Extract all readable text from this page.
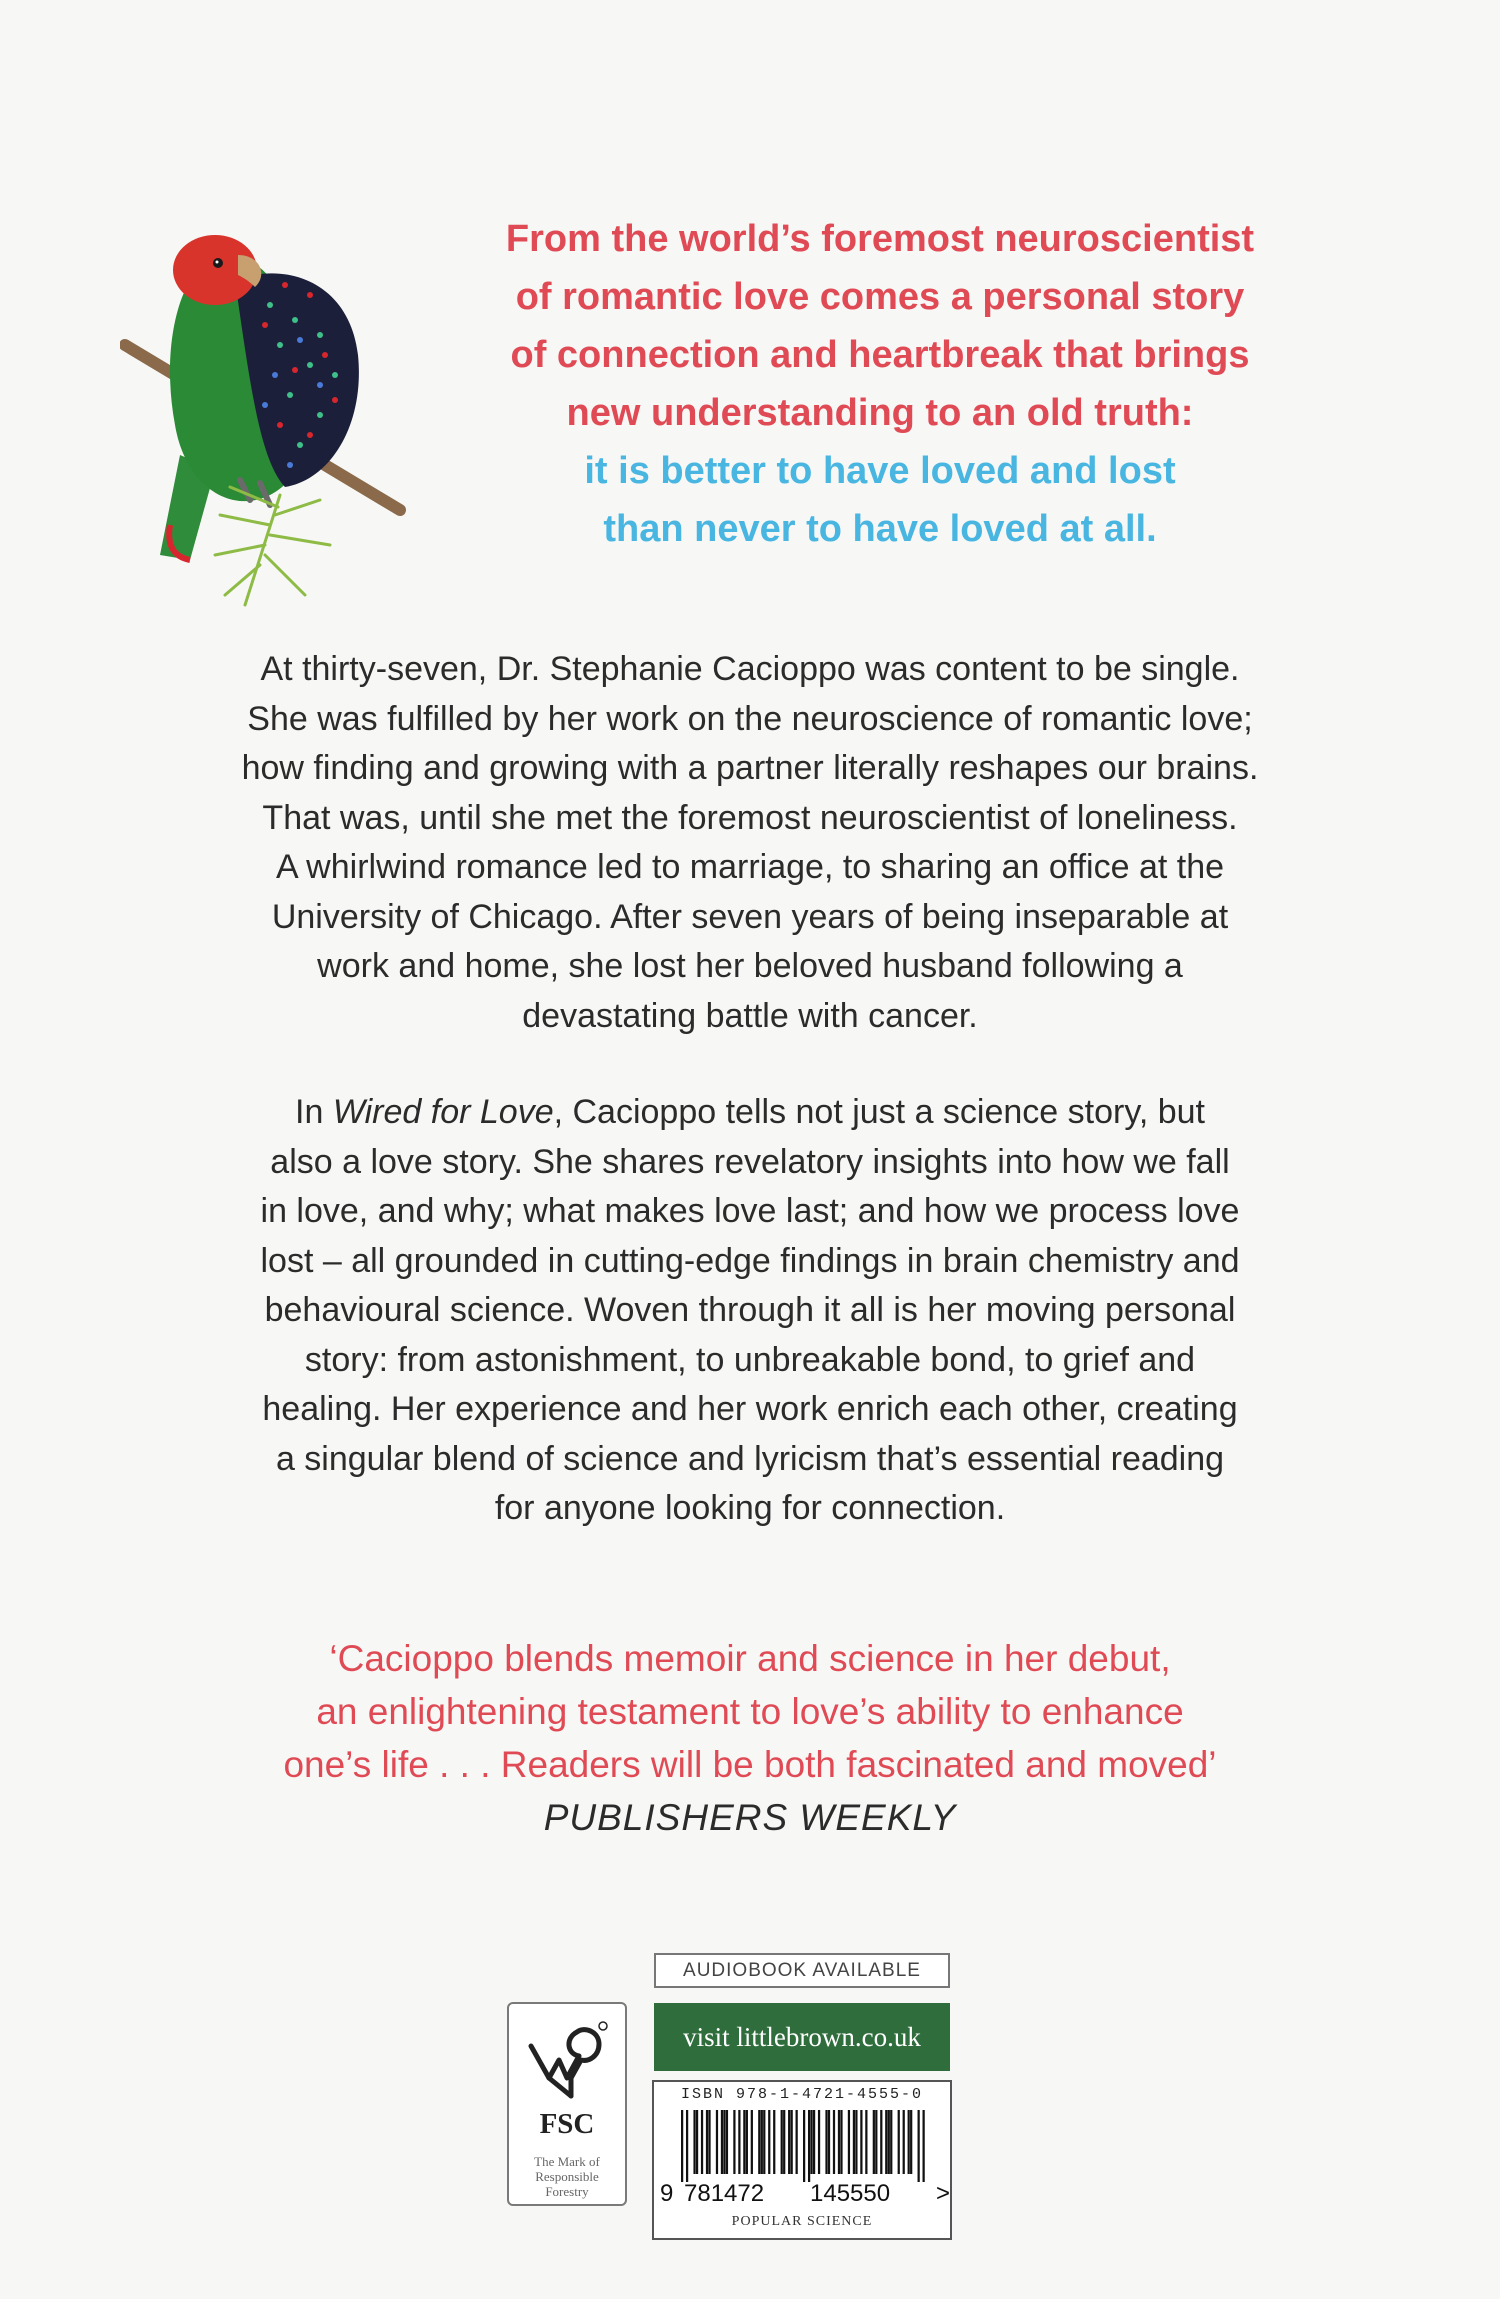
From the world’s foremost neuroscientist
of romantic love comes a personal story
of connection and heartbreak that brings
new understanding to an old truth:
it is better to have loved and lost
than never to have loved at all.

At thirty-seven, Dr. Stephanie Cacioppo was content to be single.
She was fulfilled by her work on the neuroscience of romantic love;
how finding and growing with a partner literally reshapes our brains.
That was, until she met the foremost neuroscientist of loneliness.
A whirlwind romance led to marriage, to sharing an office at the
University of Chicago. After seven years of being inseparable at
work and home, she lost her beloved husband following a
devastating battle with cancer.

In Wired for Love, Cacioppo tells not just a science story, but
also a love story. She shares revelatory insights into how we fall
in love, and why; what makes love last; and how we process love
lost – all grounded in cutting-edge findings in brain chemistry and
behavioural science. Woven through it all is her moving personal
story: from astonishment, to unbreakable bond, to grief and
healing. Her experience and her work enrich each other, creating
a singular blend of science and lyricism that’s essential reading
for anyone looking for connection.

‘Cacioppo blends memoir and science in her debut,
an enlightening testament to love’s ability to enhance
one’s life . . . Readers will be both fascinated and moved’
PUBLISHERS WEEKLY

FSC
The Mark of
Responsible
Forestry
AUDIOBOOK AVAILABLE
visit littlebrown.co.uk
ISBN 978-1-4721-4555-0
9 781472 145550 >
POPULAR SCIENCE
